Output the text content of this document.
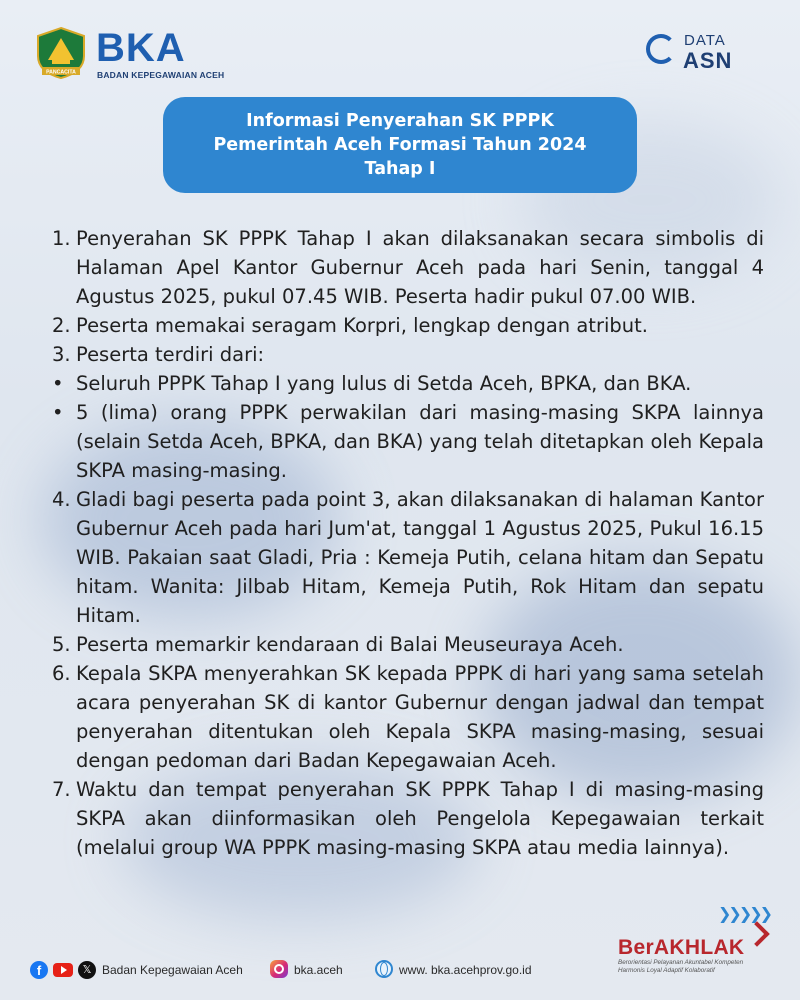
PANCACITA
BKA
BADAN KEPEGAWAIAN ACEH
DATA
ASN
Informasi Penyerahan SK PPPK
Pemerintah Aceh Formasi Tahun 2024
Tahap I
1. Penyerahan SK PPPK Tahap I akan dilaksanakan secara simbolis di Halaman Apel Kantor Gubernur Aceh pada hari Senin, tanggal 4 Agustus 2025, pukul 07.45 WIB. Peserta hadir pukul 07.00 WIB.
2. Peserta memakai seragam Korpri, lengkap dengan atribut.
3. Peserta terdiri dari:
• Seluruh PPPK Tahap I yang lulus di Setda Aceh, BPKA, dan BKA.
• 5 (lima) orang PPPK perwakilan dari masing-masing SKPA lainnya (selain Setda Aceh, BPKA, dan BKA) yang telah ditetapkan oleh Kepala SKPA masing-masing.
4. Gladi bagi peserta pada point 3, akan dilaksanakan di halaman Kantor Gubernur Aceh pada hari Jum'at, tanggal 1 Agustus 2025, Pukul 16.15 WIB. Pakaian saat Gladi, Pria : Kemeja Putih, celana hitam dan Sepatu hitam. Wanita: Jilbab Hitam, Kemeja Putih, Rok Hitam dan sepatu Hitam.
5. Peserta memarkir kendaraan di Balai Meuseuraya Aceh.
6. Kepala SKPA menyerahkan SK kepada PPPK di hari yang sama setelah acara penyerahan SK di kantor Gubernur dengan jadwal dan tempat penyerahan ditentukan oleh Kepala SKPA masing-masing, sesuai dengan pedoman dari Badan Kepegawaian Aceh.
7. Waktu dan tempat penyerahan SK PPPK Tahap I di masing-masing SKPA akan diinformasikan oleh Pengelola Kepegawaian terkait (melalui group WA PPPK masing-masing SKPA atau media lainnya).
❯❯❯❯❯
BerAKHLAK
Berorientasi Pelayanan Akuntabel Kompeten
Harmonis Loyal Adaptif Kolaboratif
f	𝕏 Badan Kepegawaian Aceh	bka.aceh	www. bka.acehprov.go.id
